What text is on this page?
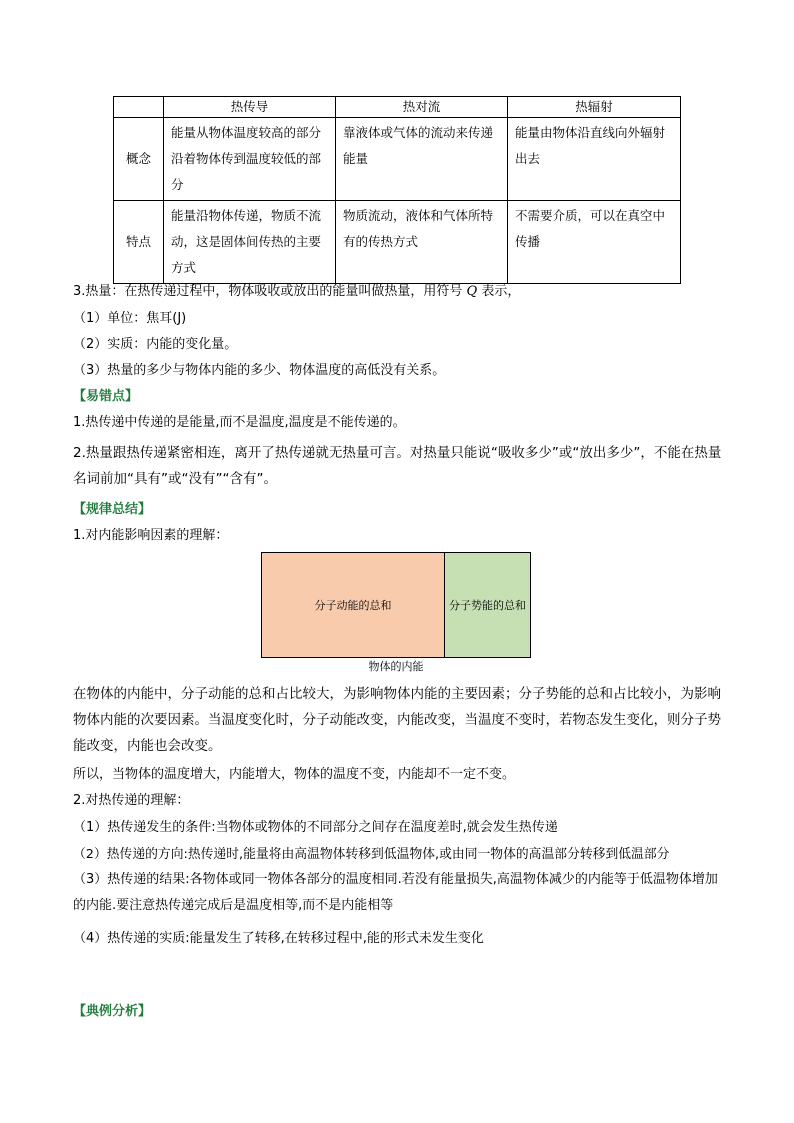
	热传导	热对流	热辐射
概念	能量从物体温度较高的部分沿着物体传到温度较低的部分	靠液体或气体的流动来传递能量	能量由物体沿直线向外辐射出去
特点	能量沿物体传递，物质不流动，这是固体间传热的主要方式	物质流动，液体和气体所特有的传热方式	不需要介质，可以在真空中传播
3.热量：在热传递过程中，物体吸收或放出的能量叫做热量，用符号 Q 表示，
（1）单位：焦耳(J)
（2）实质：内能的变化量。
（3）热量的多少与物体内能的多少、物体温度的高低没有关系。
【易错点】
1.热传递中传递的是能量,而不是温度,温度是不能传递的。
2.热量跟热传递紧密相连，离开了热传递就无热量可言。对热量只能说“吸收多少”或“放出多少”，不能在热量名词前加“具有”或“没有”“含有”。
【规律总结】
1.对内能影响因素的理解：
分子动能的总和	分子势能的总和
物体的内能
在物体的内能中，分子动能的总和占比较大，为影响物体内能的主要因素；分子势能的总和占比较小，为影响物体内能的次要因素。当温度变化时，分子动能改变，内能改变，当温度不变时，若物态发生变化，则分子势能改变，内能也会改变。
所以，当物体的温度增大，内能增大，物体的温度不变，内能却不一定不变。
2.对热传递的理解：
（1）热传递发生的条件:当物体或物体的不同部分之间存在温度差时,就会发生热传递
（2）热传递的方向:热传递时,能量将由高温物体转移到低温物体,或由同一物体的高温部分转移到低温部分
（3）热传递的结果:各物体或同一物体各部分的温度相同.若没有能量损失,高温物体减少的内能等于低温物体增加的内能.要注意热传递完成后是温度相等,而不是内能相等
（4）热传递的实质:能量发生了转移,在转移过程中,能的形式未发生变化
【典例分析】
